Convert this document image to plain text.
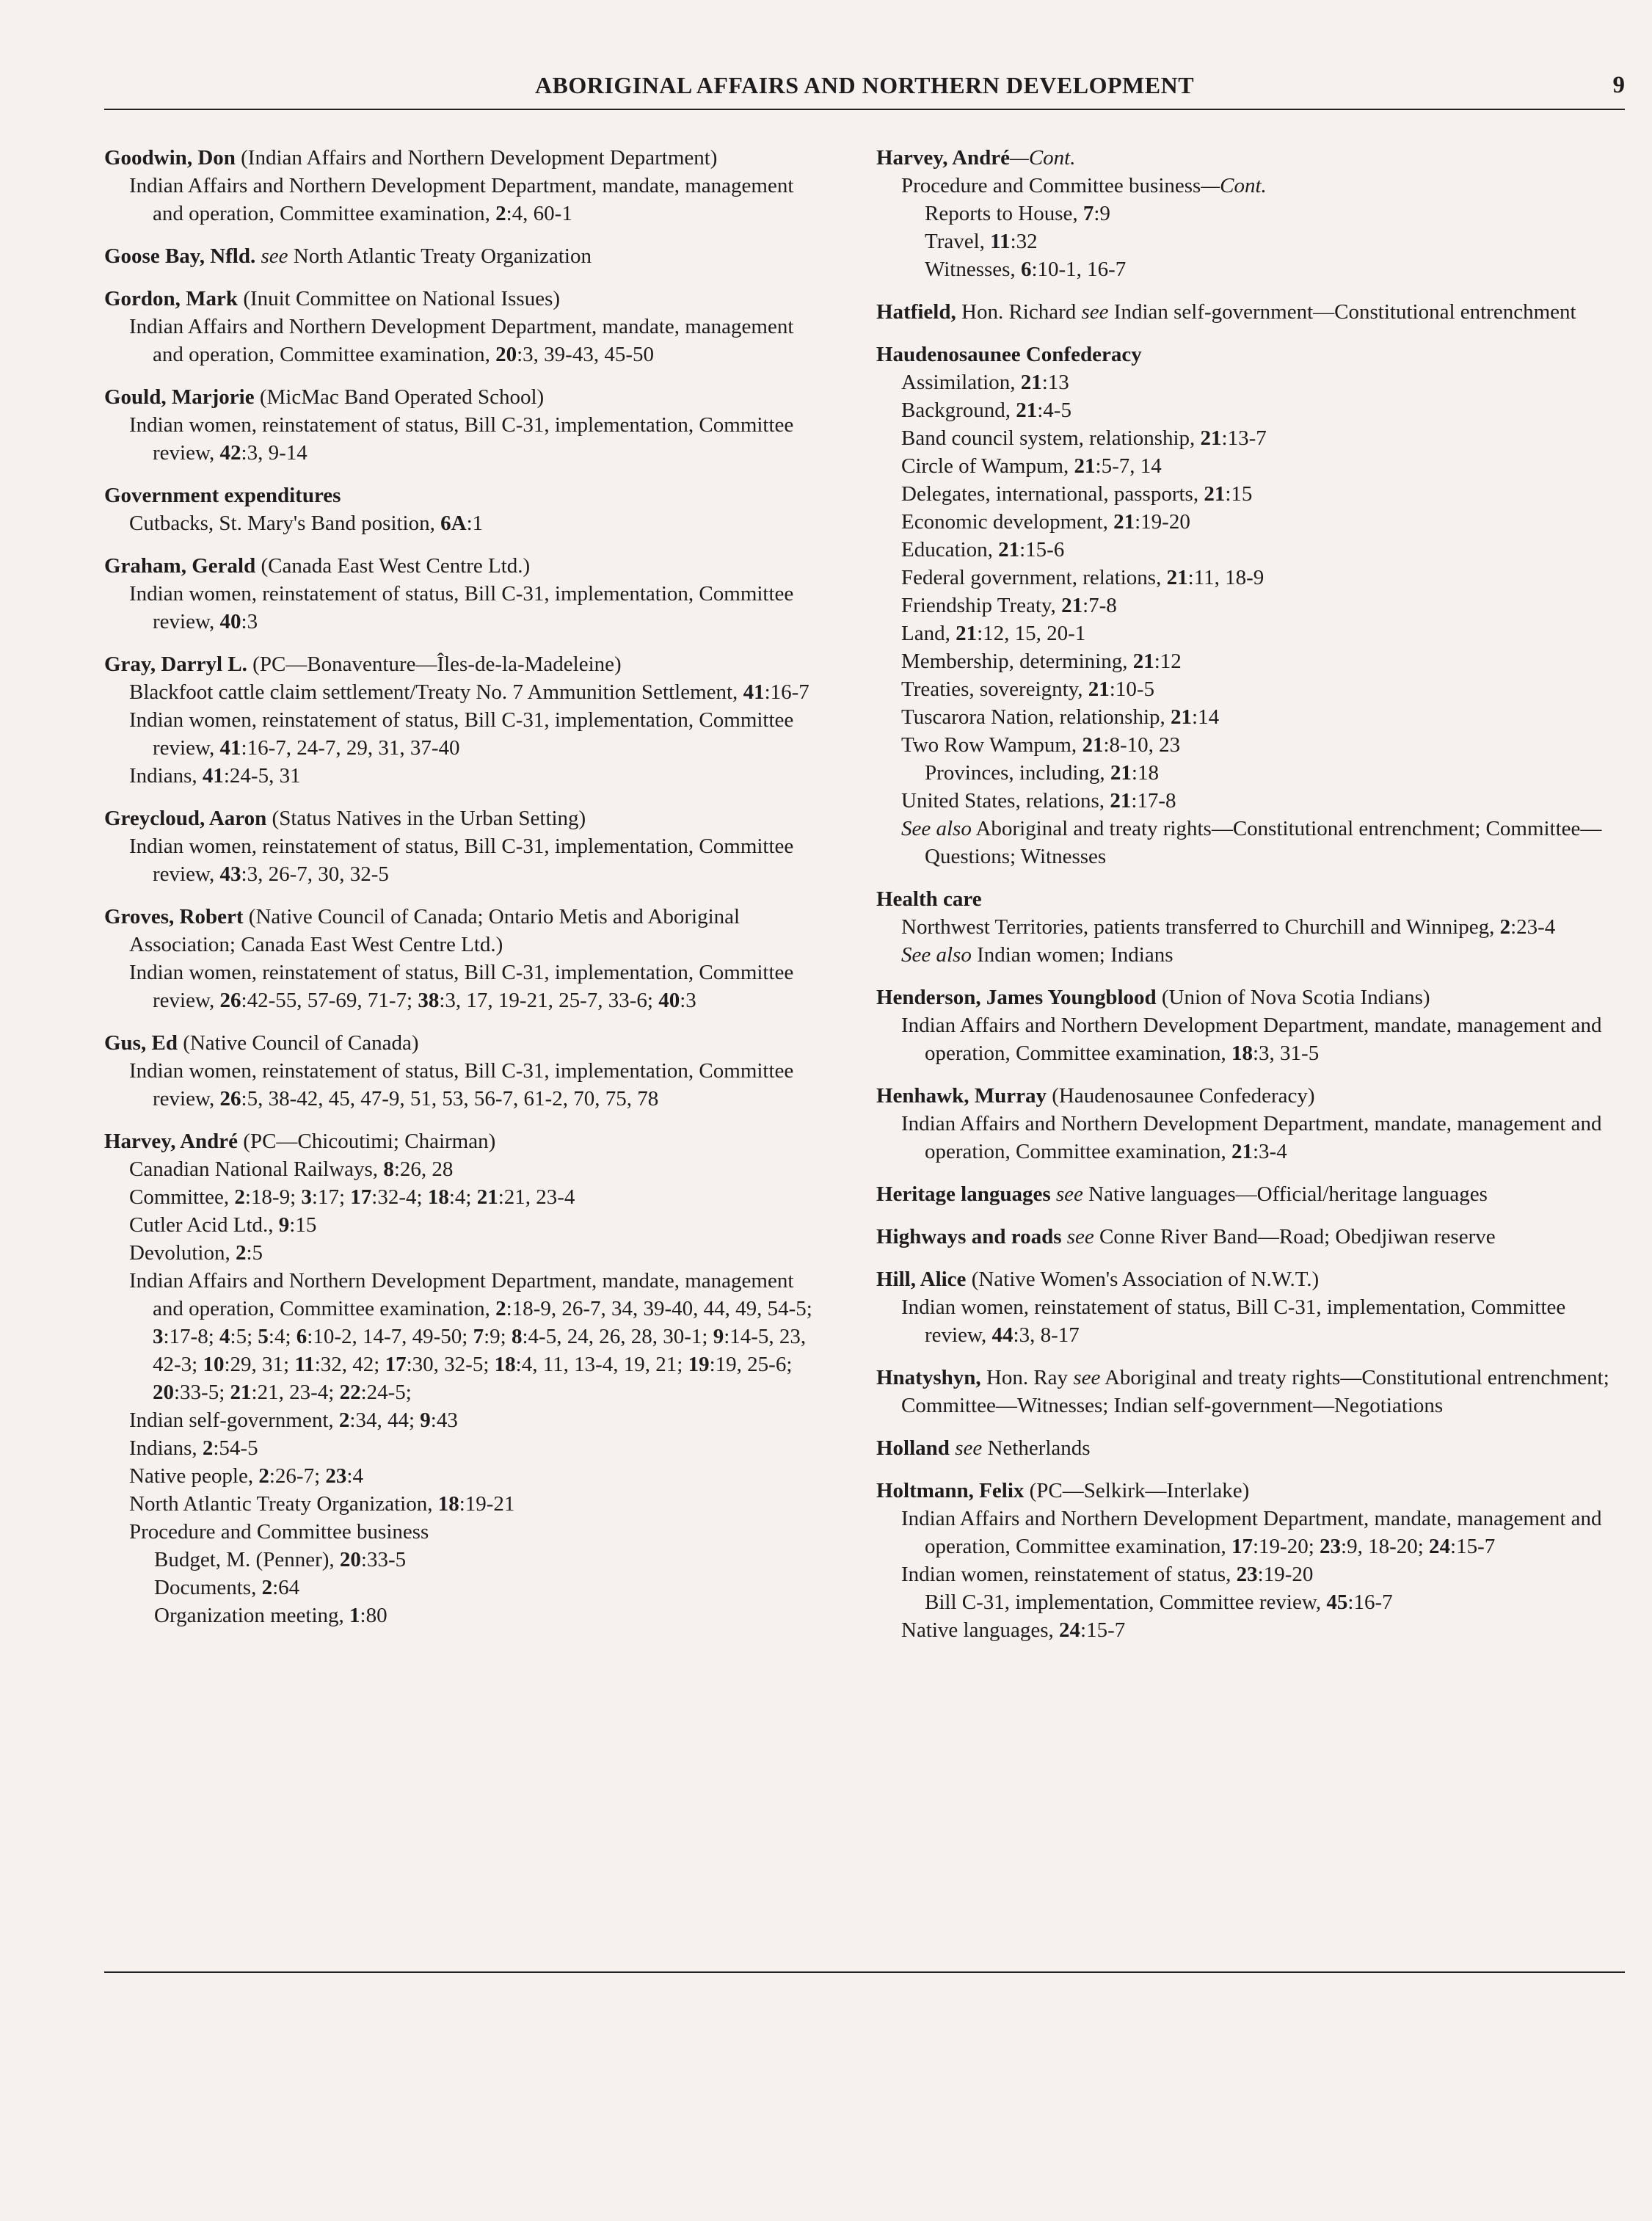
ABORIGINAL AFFAIRS AND NORTHERN DEVELOPMENT	9
Goodwin, Don (Indian Affairs and Northern Development Department)
Indian Affairs and Northern Development Department, mandate, management and operation, Committee examination, 2:4, 60-1
Goose Bay, Nfld. see North Atlantic Treaty Organization
Gordon, Mark (Inuit Committee on National Issues)
Indian Affairs and Northern Development Department, mandate, management and operation, Committee examination, 20:3, 39-43, 45-50
Gould, Marjorie (MicMac Band Operated School)
Indian women, reinstatement of status, Bill C-31, implementation, Committee review, 42:3, 9-14
Government expenditures
Cutbacks, St. Mary's Band position, 6A:1
Graham, Gerald (Canada East West Centre Ltd.)
Indian women, reinstatement of status, Bill C-31, implementation, Committee review, 40:3
Gray, Darryl L. (PC—Bonaventure—Îles-de-la-Madeleine)
Blackfoot cattle claim settlement/Treaty No. 7 Ammunition Settlement, 41:16-7
Indian women, reinstatement of status, Bill C-31, implementation, Committee review, 41:16-7, 24-7, 29, 31, 37-40
Indians, 41:24-5, 31
Greycloud, Aaron (Status Natives in the Urban Setting)
Indian women, reinstatement of status, Bill C-31, implementation, Committee review, 43:3, 26-7, 30, 32-5
Groves, Robert (Native Council of Canada; Ontario Metis and Aboriginal Association; Canada East West Centre Ltd.)
Indian women, reinstatement of status, Bill C-31, implementation, Committee review, 26:42-55, 57-69, 71-7; 38:3, 17, 19-21, 25-7, 33-6; 40:3
Gus, Ed (Native Council of Canada)
Indian women, reinstatement of status, Bill C-31, implementation, Committee review, 26:5, 38-42, 45, 47-9, 51, 53, 56-7, 61-2, 70, 75, 78
Harvey, André (PC—Chicoutimi; Chairman)
Canadian National Railways, 8:26, 28
Committee, 2:18-9; 3:17; 17:32-4; 18:4; 21:21, 23-4
Cutler Acid Ltd., 9:15
Devolution, 2:5
Indian Affairs and Northern Development Department, mandate, management and operation, Committee examination, 2:18-9, 26-7, 34, 39-40, 44, 49, 54-5; 3:17-8; 4:5; 5:4; 6:10-2, 14-7, 49-50; 7:9; 8:4-5, 24, 26, 28, 30-1; 9:14-5, 23, 42-3; 10:29, 31; 11:32, 42; 17:30, 32-5; 18:4, 11, 13-4, 19, 21; 19:19, 25-6; 20:33-5; 21:21, 23-4; 22:24-5;
Indian self-government, 2:34, 44; 9:43
Indians, 2:54-5
Native people, 2:26-7; 23:4
North Atlantic Treaty Organization, 18:19-21
Procedure and Committee business
Budget, M. (Penner), 20:33-5
Documents, 2:64
Organization meeting, 1:80
Harvey, André—Cont.
Procedure and Committee business—Cont.
Reports to House, 7:9
Travel, 11:32
Witnesses, 6:10-1, 16-7
Hatfield, Hon. Richard see Indian self-government—Constitutional entrenchment
Haudenosaunee Confederacy
Assimilation, 21:13
Background, 21:4-5
Band council system, relationship, 21:13-7
Circle of Wampum, 21:5-7, 14
Delegates, international, passports, 21:15
Economic development, 21:19-20
Education, 21:15-6
Federal government, relations, 21:11, 18-9
Friendship Treaty, 21:7-8
Land, 21:12, 15, 20-1
Membership, determining, 21:12
Treaties, sovereignty, 21:10-5
Tuscarora Nation, relationship, 21:14
Two Row Wampum, 21:8-10, 23
Provinces, including, 21:18
United States, relations, 21:17-8
See also Aboriginal and treaty rights—Constitutional entrenchment; Committee—Questions; Witnesses
Health care
Northwest Territories, patients transferred to Churchill and Winnipeg, 2:23-4
See also Indian women; Indians
Henderson, James Youngblood (Union of Nova Scotia Indians)
Indian Affairs and Northern Development Department, mandate, management and operation, Committee examination, 18:3, 31-5
Henhawk, Murray (Haudenosaunee Confederacy)
Indian Affairs and Northern Development Department, mandate, management and operation, Committee examination, 21:3-4
Heritage languages see Native languages—Official/heritage languages
Highways and roads see Conne River Band—Road; Obedjiwan reserve
Hill, Alice (Native Women's Association of N.W.T.)
Indian women, reinstatement of status, Bill C-31, implementation, Committee review, 44:3, 8-17
Hnatyshyn, Hon. Ray see Aboriginal and treaty rights—Constitutional entrenchment; Committee—Witnesses; Indian self-government—Negotiations
Holland see Netherlands
Holtmann, Felix (PC—Selkirk—Interlake)
Indian Affairs and Northern Development Department, mandate, management and operation, Committee examination, 17:19-20; 23:9, 18-20; 24:15-7
Indian women, reinstatement of status, 23:19-20
Bill C-31, implementation, Committee review, 45:16-7
Native languages, 24:15-7
